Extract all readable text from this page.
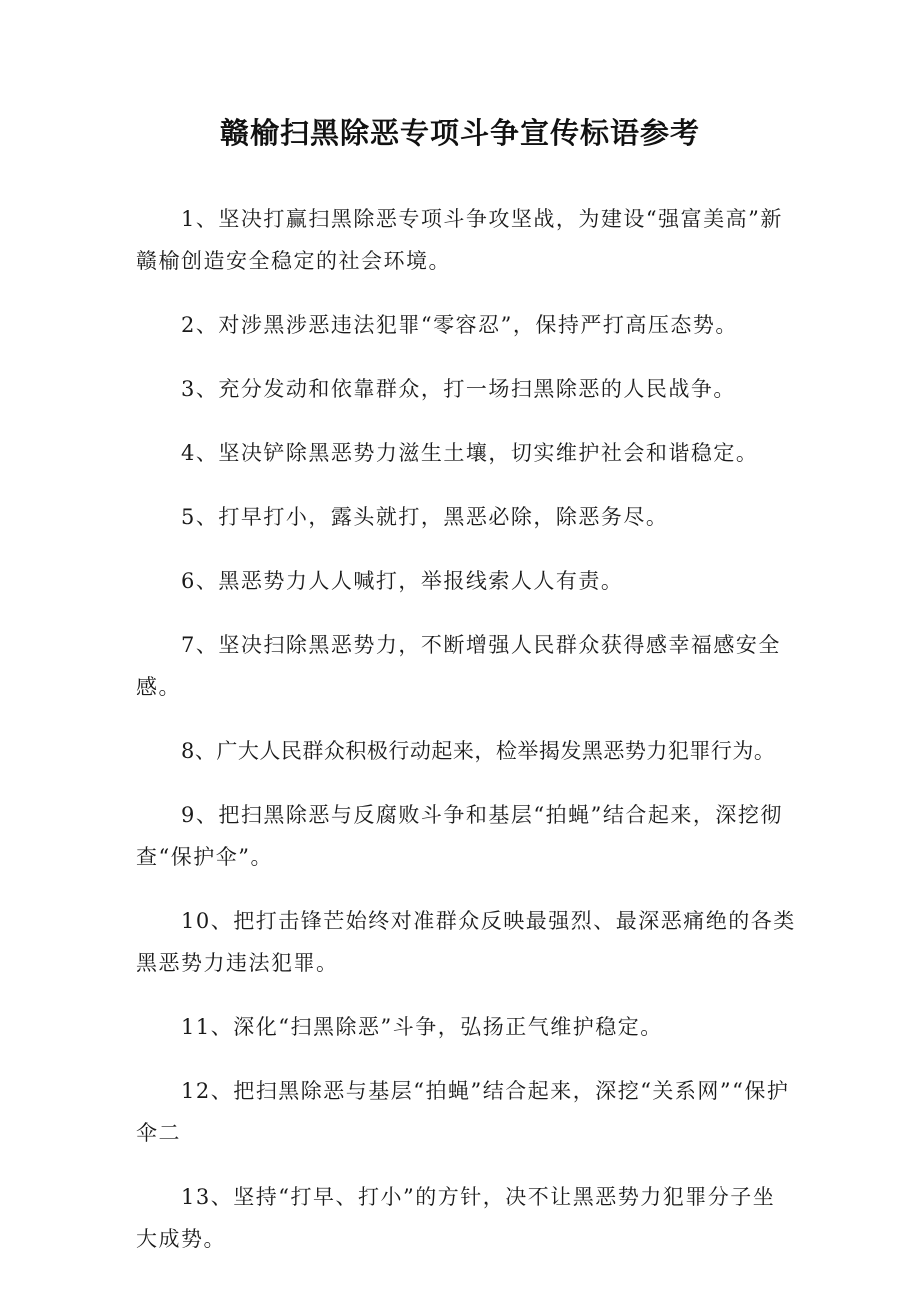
赣榆扫黑除恶专项斗争宣传标语参考

1、坚决打赢扫黑除恶专项斗争攻坚战，为建设“强富美高”新赣榆创造安全稳定的社会环境。

2、对涉黑涉恶违法犯罪“零容忍”，保持严打高压态势。

3、充分发动和依靠群众，打一场扫黑除恶的人民战争。

4、坚决铲除黑恶势力滋生土壤，切实维护社会和谐稳定。

5、打早打小，露头就打，黑恶必除，除恶务尽。

6、黑恶势力人人喊打，举报线索人人有责。

7、坚决扫除黑恶势力，不断增强人民群众获得感幸福感安全感。

8、广大人民群众积极行动起来，检举揭发黑恶势力犯罪行为。

9、把扫黑除恶与反腐败斗争和基层“拍蝇”结合起来，深挖彻查“保护伞”。

10、把打击锋芒始终对准群众反映最强烈、最深恶痛绝的各类黑恶势力违法犯罪。

11、深化“扫黑除恶”斗争，弘扬正气维护稳定。

12、把扫黑除恶与基层“拍蝇”结合起来，深挖“关系网”“保护伞二

13、坚持“打早、打小”的方针，决不让黑恶势力犯罪分子坐大成势。
